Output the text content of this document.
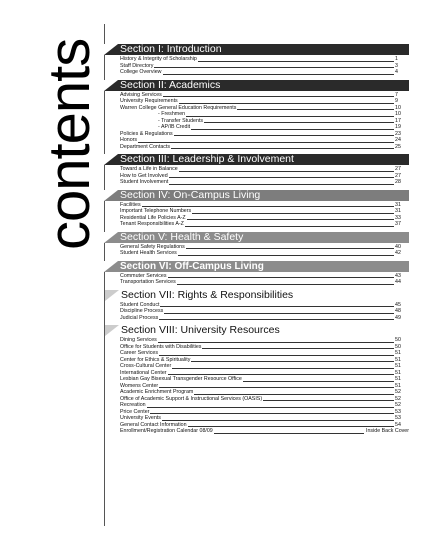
contents	Section I: Introduction
History & Integrity of Scholarship	1
Staff Directory	3
College Overview	4
Section II: Academics
Advising Services	7
University Requirements	9
Warren College General Education Requirements	10
- Freshmen	10
- Transfer Students	17
- AP/IB Credit	19
Policies & Regulations	23
Honors	24
Department Contacts	25
Section III: Leadership & Involvement
Toward a Life in Balance	27
How to Get Involved	27
Student Involvement	28
Section IV: On-Campus Living
Facilities	31
Important Telephone Numbers	31
Residential Life Policies A-Z	33
Tenant Responsibilities A-Z	37
Section V: Health & Safety
General Safety Regulations	40
Student Health Services	42
Section VI: Off-Campus Living
Commuter Services	43
Transportation Services	44
Section VII: Rights & Responsibilities
Student Conduct	45
Discipline Process	48
Judicial Process	49
Section VIII: University Resources
Dining Services	50
Office for Students with Disabilities	50
Career Services	51
Center for Ethics & Spirituality	51
Cross-Cultural Center	51
International Center	51
Lesbian Gay Bisexual Transgender Resource Office	51
Womens Center	51
Academic Enrichment Program	52
Office of Academic Support & Instructional Services (OASIS)	52
Recreation	52
Price Center	53
University Events	53
General Contact Information	54
Enrollment/Registration Calendar 08/09	Inside Back Cover
